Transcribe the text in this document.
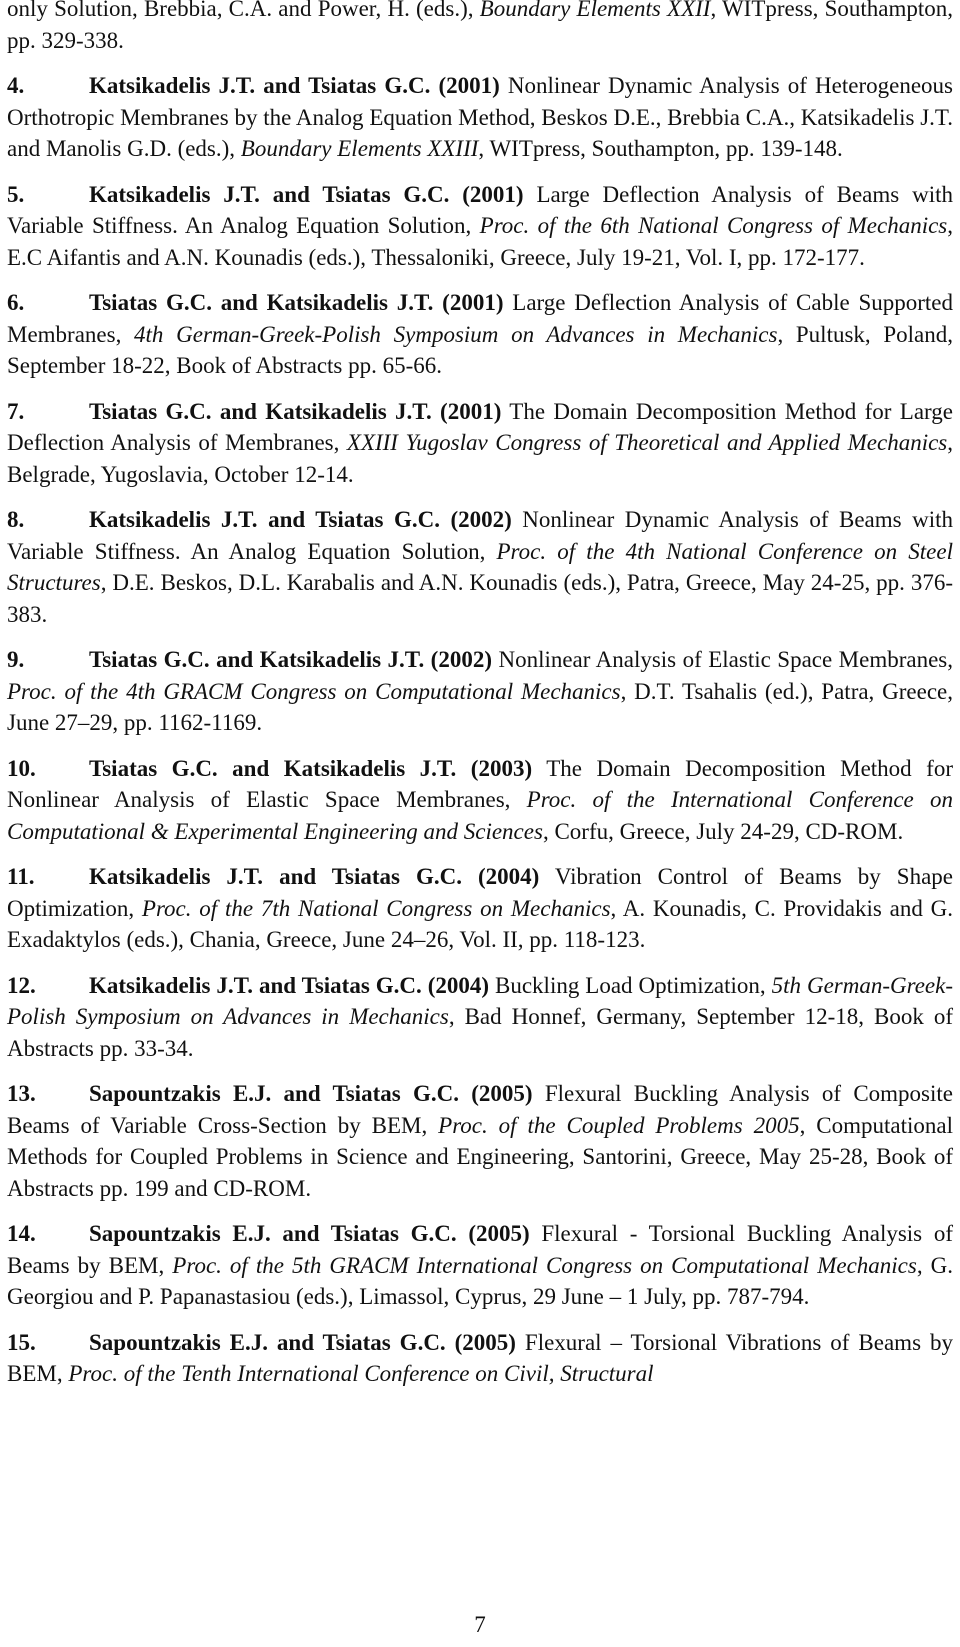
only Solution, Brebbia, C.A. and Power, H. (eds.), Boundary Elements XXII, WITpress, Southampton, pp. 329-338.
4.	Katsikadelis J.T. and Tsiatas G.C. (2001) Nonlinear Dynamic Analysis of Heterogeneous Orthotropic Membranes by the Analog Equation Method, Beskos D.E., Brebbia C.A., Katsikadelis J.T. and Manolis G.D. (eds.), Boundary Elements XXIII, WITpress, Southampton, pp. 139-148.
5.	Katsikadelis J.T. and Tsiatas G.C. (2001) Large Deflection Analysis of Beams with Variable Stiffness. An Analog Equation Solution, Proc. of the 6th National Congress of Mechanics, E.C Aifantis and A.N. Kounadis (eds.), Thessaloniki, Greece, July 19-21, Vol. I, pp. 172-177.
6.	Tsiatas G.C. and Katsikadelis J.T. (2001) Large Deflection Analysis of Cable Supported Membranes, 4th German-Greek-Polish Symposium on Advances in Mechanics, Pultusk, Poland, September 18-22, Book of Abstracts pp. 65-66.
7.	Tsiatas G.C. and Katsikadelis J.T. (2001) The Domain Decomposition Method for Large Deflection Analysis of Membranes, XXIII Yugoslav Congress of Theoretical and Applied Mechanics, Belgrade, Yugoslavia, October 12-14.
8.	Katsikadelis J.T. and Tsiatas G.C. (2002) Nonlinear Dynamic Analysis of Beams with Variable Stiffness. An Analog Equation Solution, Proc. of the 4th National Conference on Steel Structures, D.E. Beskos, D.L. Karabalis and A.N. Kounadis (eds.), Patra, Greece, May 24-25, pp. 376-383.
9.	Tsiatas G.C. and Katsikadelis J.T. (2002) Nonlinear Analysis of Elastic Space Membranes, Proc. of the 4th GRACM Congress on Computational Mechanics, D.T. Tsahalis (ed.), Patra, Greece, June 27–29, pp. 1162-1169.
10. Tsiatas G.C. and Katsikadelis J.T. (2003) The Domain Decomposition Method for Nonlinear Analysis of Elastic Space Membranes, Proc. of the International Conference on Computational & Experimental Engineering and Sciences, Corfu, Greece, July 24-29, CD-ROM.
11. Katsikadelis J.T. and Tsiatas G.C. (2004) Vibration Control of Beams by Shape Optimization, Proc. of the 7th National Congress on Mechanics, A. Kounadis, C. Providakis and G. Exadaktylos (eds.), Chania, Greece, June 24–26, Vol. II, pp. 118-123.
12. Katsikadelis J.T. and Tsiatas G.C. (2004) Buckling Load Optimization, 5th German-Greek-Polish Symposium on Advances in Mechanics, Bad Honnef, Germany, September 12-18, Book of Abstracts pp. 33-34.
13. Sapountzakis E.J. and Tsiatas G.C. (2005) Flexural Buckling Analysis of Composite Beams of Variable Cross-Section by BEM, Proc. of the Coupled Problems 2005, Computational Methods for Coupled Problems in Science and Engineering, Santorini, Greece, May 25-28, Book of Abstracts pp. 199 and CD-ROM.
14. Sapountzakis E.J. and Tsiatas G.C. (2005) Flexural - Torsional Buckling Analysis of Beams by BEM, Proc. of the 5th GRACM International Congress on Computational Mechanics, G. Georgiou and P. Papanastasiou (eds.), Limassol, Cyprus, 29 June – 1 July, pp. 787-794.
15. Sapountzakis E.J. and Tsiatas G.C. (2005) Flexural – Torsional Vibrations of Beams by BEM, Proc. of the Tenth International Conference on Civil, Structural
7
